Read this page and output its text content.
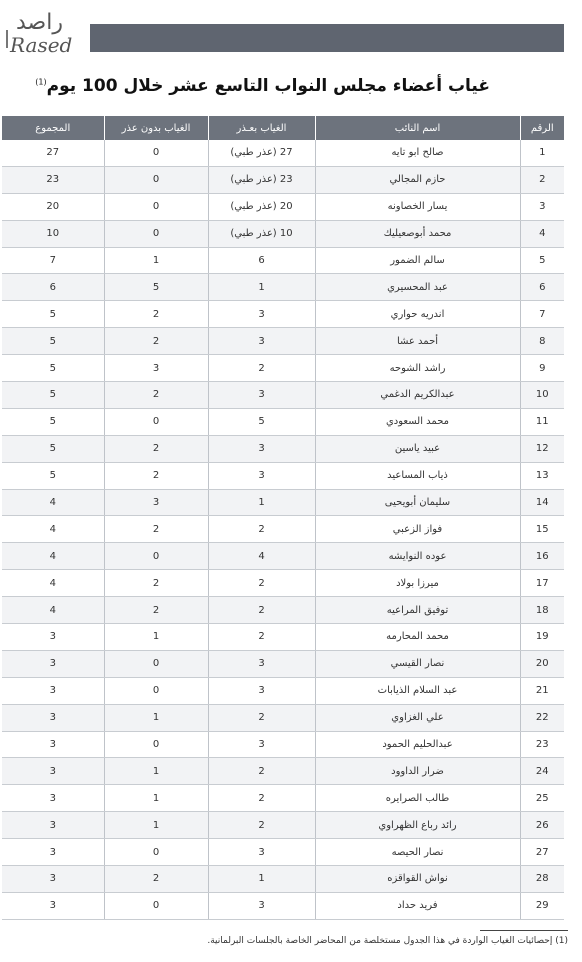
راصد
Rased
غياب أعضاء مجلس النواب التاسع عشر خلال 100 يوم$^{(1)}$
الرقم	اسم النائب	الغياب بعـذر	الغياب بدون عذر	المجموع
1	صالح ابو تايه	27 (عذر طبي)	0	27
2	حازم المجالي	23 (عذر طبي)	0	23
3	يسار الخصاونه	20 (عذر طبي)	0	20
4	محمد أبوصعيليك	10 (عذر طبي)	0	10
5	سالم الضمور	6	1	7
6	عبد المحسيري	1	5	6
7	اندريه حواري	3	2	5
8	أحمد عشا	3	2	5
9	راشد الشوحه	2	3	5
10	عبدالكريم الدغمي	3	2	5
11	محمد السعودي	5	0	5
12	عبيد ياسين	3	2	5
13	ذياب المساعيد	3	2	5
14	سليمان أبويحيى	1	3	4
15	فواز الزعبي	2	2	4
16	عوده النوايشه	4	0	4
17	ميرزا بولاد	2	2	4
18	توفيق المراعيه	2	2	4
19	محمد المحارمه	2	1	3
20	نصار القيسي	3	0	3
21	عبد السلام الذيابات	3	0	3
22	علي الغزاوي	2	1	3
23	عبدالحليم الحمود	3	0	3
24	ضرار الداوود	2	1	3
25	طالب الصرايره	2	1	3
26	رائد رباع الظهراوي	2	1	3
27	نصار الحيصه	3	0	3
28	نواش القواقزه	1	2	3
29	فريد حداد	3	0	3
(1) إحصائيات الغياب الواردة في هذا الجدول مستخلصة من المحاضر الخاصة بالجلسات البرلمانية.
